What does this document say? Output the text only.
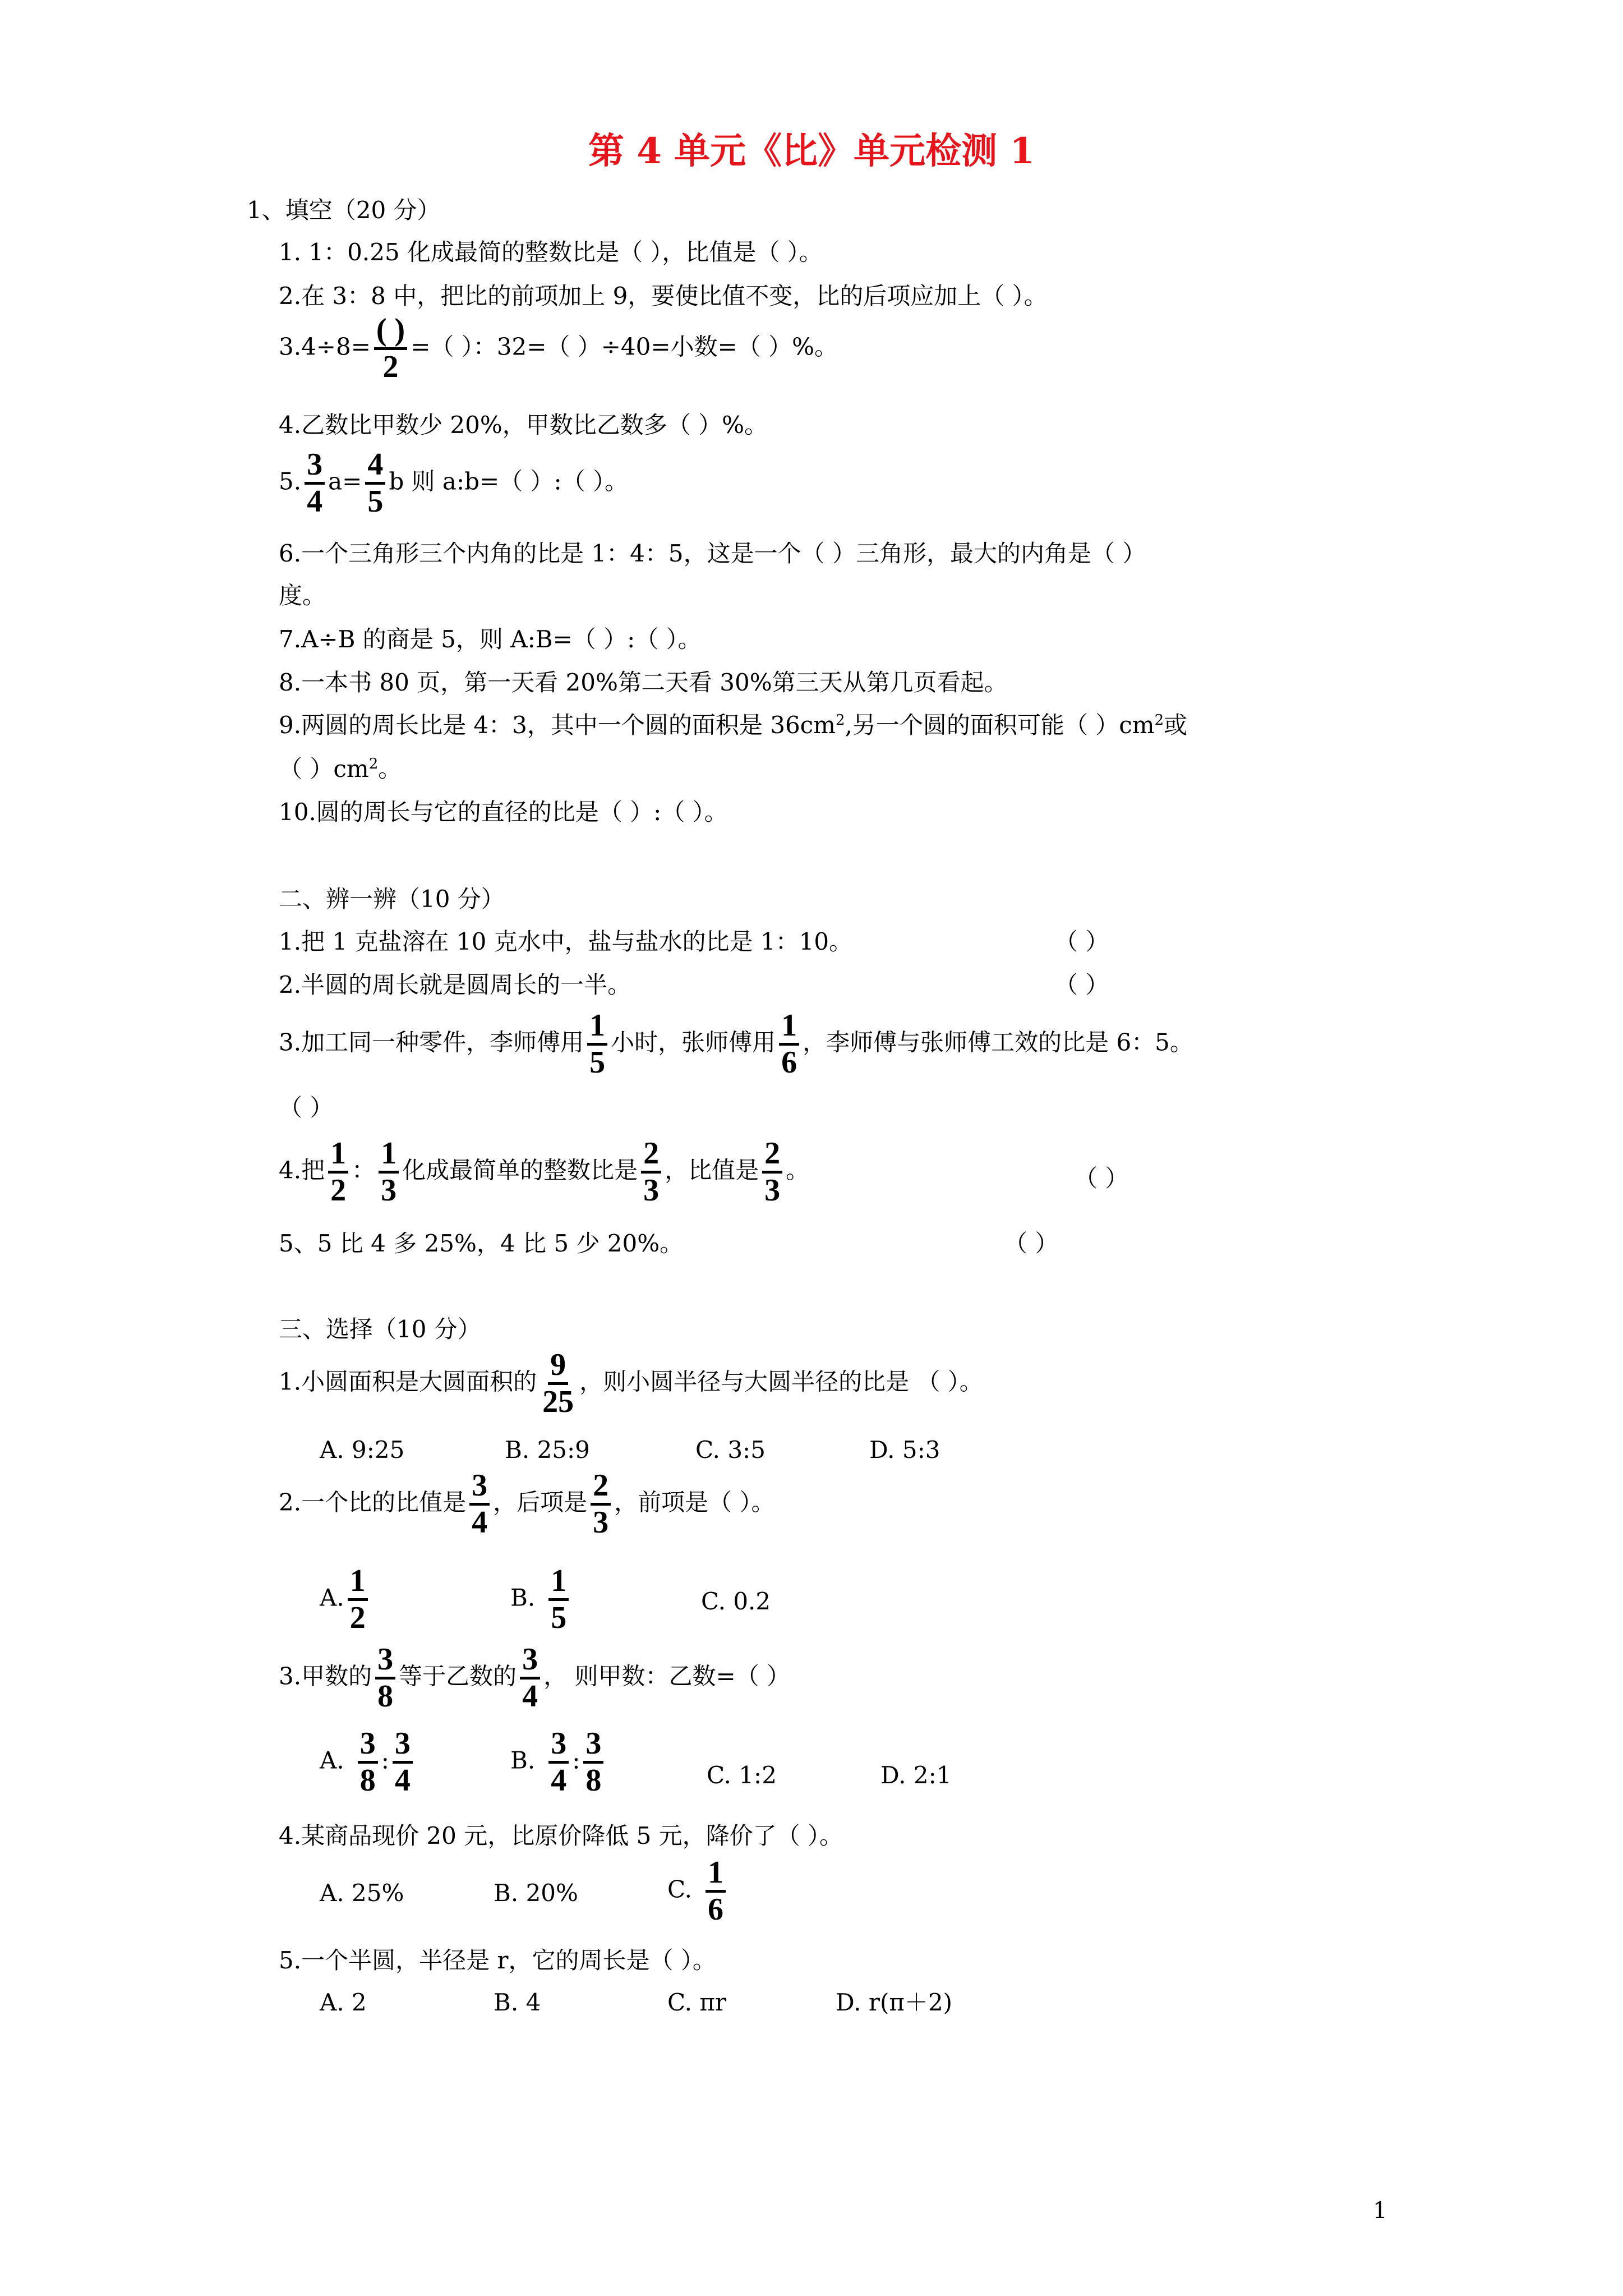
第 4 单元《比》单元检测 1
1、填空（20 分）
1. 1：0.25 化成最简的整数比是（ ），比值是（ ）。
2.在 3：8 中，把比的前项加上 9，要使比值不变，比的后项应加上（ ）。
$3.4\div 8= \frac{( )}{2}$ =（ ）：32=（ ）÷40=小数=（ ）%。
4.乙数比甲数少 20%，甲数比乙数多（ ）%。
5. $\frac{3}{4} a= \frac{4}{5}$ b 则 a:b=（ ）:（ ）。
6.一个三角形三个内角的比是 1：4：5，这是一个（ ）三角形，最大的内角是（ ）
度。
7.A÷B 的商是 5，则 A:B=（ ）:（ ）。
8.一本书 80 页，第一天看 20%第二天看 30%第三天从第几页看起。
9.两圆的周长比是 4：3，其中一个圆的面积是 $36cm^2$,另一个圆的面积可能（ ）$cm^2$或
（ ）$cm^2$。
10.圆的周长与它的直径的比是（ ）:（ ）。
二、辨一辨（10 分）
1.把 1 克盐溶在 10 克水中，盐与盐水的比是 1：10。	（ ）
2.半圆的周长就是圆周长的一半。	（ ）
3.加工同一种零件，李师傅用 $\frac{1}{5}$ 小时，张师傅用 $\frac{1}{6}$ ，李师傅与张师傅工效的比是 6：5。
（ ）
4.把 $\frac{1}{2}$ ： $\frac{1}{3}$ 化成最简单的整数比是 $\frac{2}{3}$ ，比值是 $\frac{2}{3}$ 。	（ ）
5、5 比 4 多 25%，4 比 5 少 20%。	（ ）
三、选择（10 分）
1.小圆面积是大圆面积的 $\frac{9}{25}$ ，则小圆半径与大圆半径的比是 （ ）。
A. 9:25	B. 25:9	C. 3:5	D. 5:3
2.一个比的比值是 $\frac{3}{4}$ ，后项是 $\frac{2}{3}$ ，前项是（ ）。
A. $\frac{1}{2}$	B. $\frac{1}{5}$	C. 0.2
3.甲数的 $\frac{3}{8}$ 等于乙数的 $\frac{3}{4}$ ， 则甲数：乙数=（ ）
A. $\frac{3}{8}$ : $\frac{3}{4}$	B. $\frac{3}{4}$ : $\frac{3}{8}$	C. 1:2	D. 2:1
4.某商品现价 20 元，比原价降低 5 元，降价了（ ）。
A. 25%	B. 20%	C. $\frac{1}{6}$
5.一个半圆，半径是 r，它的周长是（ ）。
A. 2	B. 4	C. πr	D. r(π＋2)
1
